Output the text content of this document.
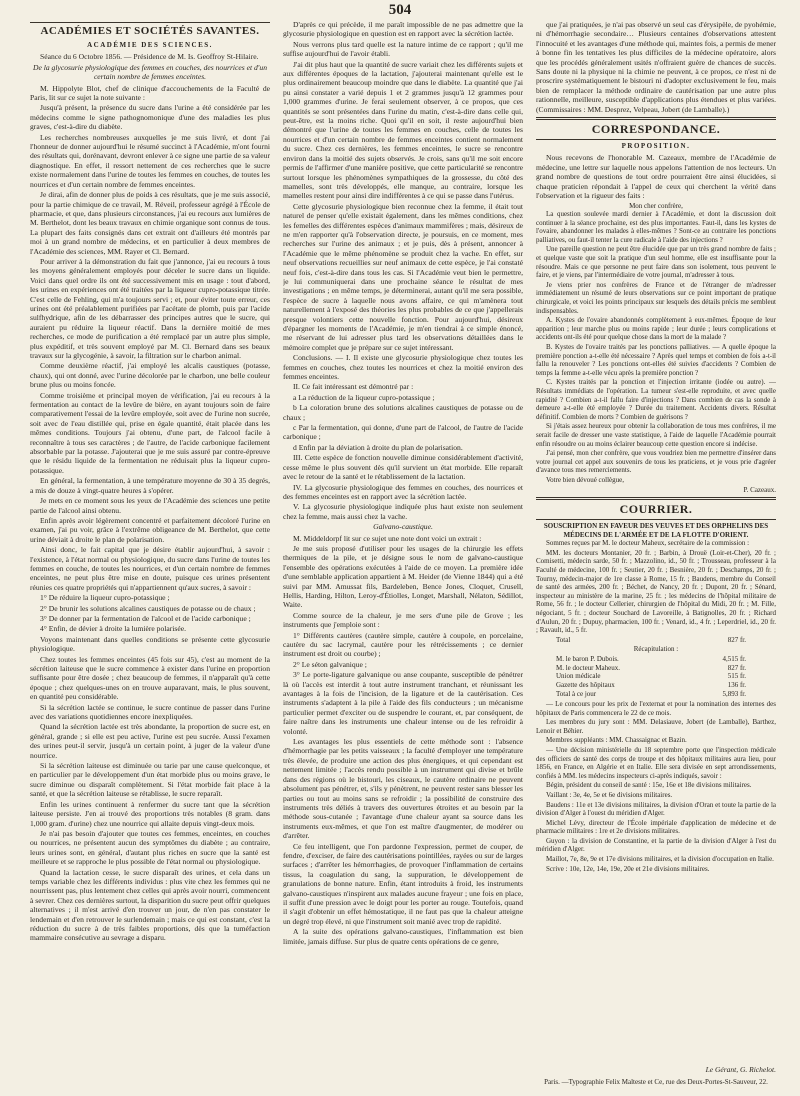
504
ACADÉMIES ET SOCIÉTÉS SAVANTES.
ACADÉMIE DES SCIENCES.

Séance du 6 Octobre 1856. — Présidence de M. Is. Geoffroy St-Hilaire.

De la glycosurie physiologique des femmes en couches, des nourrices et d'un certain nombre de femmes enceintes.

M. Hippolyte Blot, chef de clinique d'accouchements de la Faculté de Paris, lit sur ce sujet la note suivante :

Jusqu'à présent, la présence du sucre dans l'urine a été considérée par les médecins comme le signe pathognomonique d'une des maladies les plus graves, c'est-à-dire du diabète.

Les recherches nombreuses auxquelles je me suis livré, et dont j'ai l'honneur de donner aujourd'hui le résumé succinct à l'Académie, m'ont fourni des résultats qui, dorénavant, devront enlever à ce signe une partie de sa valeur diagnostique. En effet, il ressort nettement de ces recherches que le sucre existe normalement dans l'urine de toutes les femmes en couches, de toutes les nourrices et d'un certain nombre de femmes enceintes.

Je dirai, afin de donner plus de poids à ces résultats, que je me suis associé, pour la partie chimique de ce travail, M. Réveil, professeur agrégé à l'École de pharmacie, et que, dans plusieurs circonstances, j'ai eu recours aux lumières de M. Berthelot, dont les beaux travaux en chimie organique sont connus de tous. La plupart des faits consignés dans cet extrait ont d'ailleurs été montrés par moi à un grand nombre de médecins, et en particulier à deux membres de l'Académie des sciences, MM. Rayer et Cl. Bernard.

Pour arriver à la démonstration du fait que j'annonce, j'ai eu recours à tous les moyens généralement employés pour déceler le sucre dans un liquide. Voici dans quel ordre ils ont été successivement mis en usage : tout d'abord, les urines en expériences ont été traitées par la liqueur cupro-potassique titrée. C'est celle de Fehling, qui m'a toujours servi ; et, pour éviter toute erreur, ces urines ont été préalablement purifiées par l'acétate de plomb, puis par l'acide sulfhydrique, afin de les débarrasser des principes autres que le sucre, qui auraient pu réduire la liqueur réactif. Dans la dernière moitié de mes recherches, ce mode de purification a été remplacé par un autre plus simple, plus expéditif, et très souvent employé par M. Cl. Bernard dans ses beaux travaux sur la glycogénie, à savoir, la filtration sur le charbon animal.

Comme deuxième réactif, j'ai employé les alcalis caustiques (potasse, chaux), qui ont donné, avec l'urine décolorée par le charbon, une belle couleur brune plus ou moins foncée.

Comme troisième et principal moyen de vérification, j'ai eu recours à la fermentation au contact de la levûre de bière, en ayant toujours soin de faire comparativement l'essai de la levûre employée, soit avec de l'urine non sucrée, soit avec de l'eau distillée qui, prise en égale quantité, était placée dans les mêmes conditions. Toujours j'ai obtenu, d'une part, de l'alcool facile à reconnaître à tous ses caractères ; de l'autre, de l'acide carbonique facilement absorbable par la potasse. J'ajouterai que je me suis assuré par contre-épreuve que le résidu liquide de la fermentation ne réduisait plus la liqueur cupro-potassique.

En général, la fermentation, à une température moyenne de 30 à 35 degrés, a mis de douze à vingt-quatre heures à s'opérer.

Je mets en ce moment sous les yeux de l'Académie des sciences une petite partie de l'alcool ainsi obtenu.

Enfin après avoir légèrement concentré et parfaitement décoloré l'urine en examen, j'ai pu voir, grâce à l'extrême obligeance de M. Berthelot, que cette urine déviait à droite le plan de polarisation.

Ainsi donc, le fait capital que je désire établir aujourd'hui, à savoir : l'existence, à l'état normal ou physiologique, du sucre dans l'urine de toutes les femmes en couche, de toutes les nourrices, et d'un certain nombre de femmes enceintes, ne peut plus être mise en doute, puisque ces urines présentent réunies ces quatre propriétés qui n'appartiennent qu'aux sucres, à savoir :

1° De réduire la liqueur cupro-potassique ;

2° De brunir les solutions alcalines caustiques de potasse ou de chaux ;

3° De donner par la fermentation de l'alcool et de l'acide carbonique ;

4° Enfin, de dévier à droite la lumière polarisée.

Voyons maintenant dans quelles conditions se présente cette glycosurie physiologique.

Chez toutes les femmes enceintes (45 fois sur 45), c'est au moment de la sécrétion laiteuse que le sucre commence à exister dans l'urine en proportion suffisante pour être dosée ; chez beaucoup de femmes, il n'apparaît qu'à cette époque ; chez quelques-unes on en trouve auparavant, mais, le plus souvent, en quantité peu considérable.

Si la sécrétion lactée se continue, le sucre continue de passer dans l'urine avec des variations quotidiennes encore inexpliquées.

Quand la sécrétion lactée est très abondante, la proportion de sucre est, en général, grande ; si elle est peu active, l'urine est peu sucrée. Aussi l'examen des urines peut-il servir, jusqu'à un certain point, à juger de la valeur d'une nourrice.

Si la sécrétion laiteuse est diminuée ou tarie par une cause quelconque, et en particulier par le développement d'un état morbide plus ou moins grave, le sucre diminue ou disparaît complètement. Si l'état morbide fait place à la santé, et que la sécrétion laiteuse se rétablisse, le sucre reparaît.

Enfin les urines continuent à renfermer du sucre tant que la sécrétion laiteuse persiste. J'en ai trouvé des proportions très notables (8 gram. dans 1,000 gram. d'urine) chez une nourrice qui allaite depuis vingt-deux mois.

Je n'ai pas besoin d'ajouter que toutes ces femmes, enceintes, en couches ou nourrices, ne présentent aucun des symptômes du diabète ; au contraire, leurs urines sont, en général, d'autant plus riches en sucre que la santé est meilleure et se rapproche le plus possible de l'état normal ou physiologique.

Quand la lactation cesse, le sucre disparaît des urines, et cela dans un temps variable chez les différents individus : plus vite chez les femmes qui ne nourrissent pas, plus lentement chez celles qui après avoir nourri, commencent à sevrer. Chez ces dernières surtout, la disparition du sucre peut offrir quelques alternatives ; il m'est arrivé d'en trouver un jour, de n'en pas constater le lendemain et d'en retrouver le surlendemain ; mais ce qui est constant, c'est la réduction du sucre à de très faibles proportions, dès que la tuméfaction mammaire consécutive au sevrage a disparu.

D'après ce qui précède, il me paraît impossible de ne pas admettre que la glycosurie physiologique en question est en rapport avec la sécrétion lactée.

Nous verrons plus tard quelle est la nature intime de ce rapport ; qu'il me suffise aujourd'hui de l'avoir établi.

J'ai dit plus haut que la quantité de sucre variait chez les différents sujets et aux différentes époques de la lactation, j'ajouterai maintenant qu'elle est le plus ordinairement beaucoup moindre que dans le diabète. La quantité que j'ai pu ainsi constater a varié depuis 1 et 2 grammes jusqu'à 12 grammes pour 1,000 grammes d'urine. Je ferai seulement observer, à ce propos, que ces quantités se sont présentées dans l'urine du matin, c'est-à-dire dans celle qui, peut-être, est la moins riche. Quoi qu'il en soit, il reste aujourd'hui bien démontré que l'urine de toutes les femmes en couches, celle de toutes les nourrices et d'un certain nombre de femmes enceintes contient normalement du sucre. Chez ces dernières, les femmes enceintes, le sucre se rencontre environ dans la moitié des sujets observés. Je crois, sans qu'il me soit encore permis de l'affirmer d'une manière positive, que cette particularité se rencontre surtout lorsque les phénomènes sympathiques de la grossesse, du côté des mamelles, sont très développés, elle manque, au contraire, lorsque les mamelles restent pour ainsi dire indifférentes à ce qui se passe dans l'utérus.

Cette glycosurie physiologique bien reconnue chez la femme, il était tout naturel de penser qu'elle existait également, dans les mêmes conditions, chez les femelles des différentes espèces d'animaux mammifères ; mais, désireux de ne m'en rapporter qu'à l'observation directe, je poursuis, en ce moment, mes recherches sur l'urine des animaux ; et je puis, dès à présent, annoncer à l'Académie que le même phénomène se produit chez la vache. En effet, sur neuf observations recueillies sur neuf animaux de cette espèce, je l'ai constaté neuf fois, c'est-à-dire dans tous les cas. Si l'Académie veut bien le permettre, je lui communiquerai dans une prochaine séance le résultat de mes investigations ; en même temps, je déterminerai, autant qu'il me sera possible, l'espèce de sucre à laquelle nous avons affaire, ce qui m'amènera tout naturellement à l'exposé des théories les plus probables de ce que j'appellerais presque volontiers cette nouvelle fonction. Pour aujourd'hui, désireux d'épargner les moments de l'Académie, je m'en tiendrai à ce simple énoncé, me réservant de lui adresser plus tard les observations détaillées dans le mémoire complet que je prépare sur ce sujet intéressant.

Conclusions. — I. Il existe une glycosurie physiologique chez toutes les femmes en couches, chez toutes les nourrices et chez la moitié environ des femmes enceintes.

II. Ce fait intéressant est démontré par :

a La réduction de la liqueur cupro-potassique ;

b La coloration brune des solutions alcalines caustiques de potasse ou de chaux ;

c Par la fermentation, qui donne, d'une part de l'alcool, de l'autre de l'acide carbonique ;

d Enfin par la déviation à droite du plan de polarisation.

III. Cette espèce de fonction nouvelle diminue considérablement d'activité, cesse même le plus souvent dès qu'il survient un état morbide. Elle reparaît avec le retour de la santé et le rétablissement de la lactation.

IV. La glycosurie physiologique des femmes en couches, des nourrices et des femmes enceintes est en rapport avec la sécrétion lactée.

V. La glycosurie physiologique indiquée plus haut existe non seulement chez la femme, mais aussi chez la vache.

Galvano-caustique.

M. Middeldorpf lit sur ce sujet une note dont voici un extrait :

Je me suis proposé d'utiliser pour les usages de la chirurgie les effets thermiques de la pile, et je désigne sous le nom de galvano-caustique l'ensemble des opérations exécutées à l'aide de ce moyen. La première idée d'une semblable application appartient à M. Heider (de Vienne 1844) qui a été suivi par MM. Amussat fils, Bardeleben, Bence Jones, Cloquet, Crusell, Hellis, Harding, Hilton, Leroy-d'Étiolles, Longet, Marshall, Nélaton, Sédillot, Waite.

Comme source de la chaleur, je me sers d'une pile de Grove ; les instruments que j'emploie sont :

1° Différents cautères (cautère simple, cautère à coupole, en porcelaine, cautère du sac lacrymal, cautère pour les rétrécissements ; ce dernier instrument est droit ou courbe) ;

2° Le séton galvanique ;

3° Le porte-ligature galvanique ou anse coupante, susceptible de pénétrer là où l'accès est interdit à tout autre instrument tranchant, et réunissant les avantages à la fois de l'incision, de la ligature et de la cautérisation. Ces instruments s'adaptent à la pile à l'aide des fils conducteurs ; un mécanisme particulier permet d'exciter ou de suspendre le courant, et, par conséquent, de faire naître dans les instruments une chaleur intense ou de les refroidir à volonté.

Les avantages les plus essentiels de cette méthode sont : l'absence d'hémorrhagie par les petits vaisseaux ; la faculté d'employer une température très élevée, de produire une action des plus énergiques, et qui cependant est nettement limitée ; l'accès rendu possible à un instrument qui divise et brûle dans des régions où le bistouri, les ciseaux, le cautère ordinaire ne peuvent absolument pas pénétrer, et, s'ils y pénètrent, ne peuvent rester sans blesser les parties ou tout au moins sans se refroidir ; la possibilité de construire des instruments très déliés à travers des ouvertures étroites et au besoin par la méthode sous-cutanée ; l'avantage d'une chaleur ayant sa source dans les instruments eux-mêmes, et que l'on est maître d'augmenter, de modérer ou d'arrêter.

Ce feu intelligent, que l'on pardonne l'expression, permet de couper, de fendre, d'exciser, de faire des cautérisations pointillées, rayées ou sur de larges surfaces ; d'arrêter les hémorrhagies, de provoquer l'inflammation de certains tissus, la coagulation du sang, la suppuration, le développement de granulations de bonne nature. Enfin, étant introduits à froid, les instruments galvano-caustiques n'inspirent aux malades aucune frayeur ; une fois en place, il suffit d'une pression avec le doigt pour les porter au rouge. Toutefois, quand il s'agit d'obtenir un effet hémostatique, il ne faut pas que la chaleur atteigne un degré trop élevé, ni que l'instrument soit manié avec trop de rapidité.

A la suite des opérations galvano-caustiques, l'inflammation est bien limitée, jamais diffuse. Sur plus de quatre cents opérations de ce genre,

que j'ai pratiquées, je n'ai pas observé un seul cas d'érysipèle, de pyohémie, ni d'hémorrhagie secondaire… Plusieurs centaines d'observations attestent l'innocuité et les avantages d'une méthode qui, maintes fois, a permis de mener à bonne fin les tentatives les plus difficiles de la médecine opératoire, alors que les procédés généralement usités n'offraient guère de chances de succès. Sans doute ni la physique ni la chimie ne peuvent, à ce propos, ce n'est ni de proscrire systématiquement le bistouri ni d'adopter exclusivement le feu, mais bien de remplacer la méthode ordinaire de cautérisation par une autre plus rationnelle, meilleure, susceptible d'applications plus étendues et plus variées. (Commissaires : MM. Desprez, Velpeau, Jobert (de Lamballe).)

CORRESPONDANCE.
PROPOSITION.

Nous recevons de l'honorable M. Cazeaux, membre de l'Académie de médecine, une lettre sur laquelle nous appelons l'attention de nos lecteurs. Un grand nombre de questions de tout ordre pourraient être ainsi élucidées, si chaque praticien répondait à l'appel de ceux qui cherchent la vérité dans l'observation et la rigueur des faits :

Mon cher confrère,

La question soulevée mardi dernier à l'Académie, et dont la discussion doit continuer à la séance prochaine, est des plus importantes. Faut-il, dans les kystes de l'ovaire, abandonner les malades à elles-mêmes ? Sont-ce au contraire les ponctions palliatives, ou faut-il tenter la cure radicale à l'aide des injections ?

Une pareille question ne peut être élucidée que par un très grand nombre de faits ; et quelque vaste que soit la pratique d'un seul homme, elle est insuffisante pour la résoudre. Mais ce que personne ne peut faire dans son isolement, tous peuvent le faire, et je viens, par l'intermédiaire de votre journal, m'adresser à tous.

Je viens prier nos confrères de France et de l'étranger de m'adresser immédiatement un résumé de leurs observations sur ce point important de pratique chirurgicale, et voici les points principaux sur lesquels des détails précis me sembleut indispensables.

A. Kystes de l'ovaire abandonnés complètement à eux-mêmes. Époque de leur apparition ; leur marche plus ou moins rapide ; leur durée ; leurs complications et accidents ont-ils été pour quelque chose dans la mort de la malade ?

B. Kystes de l'ovaire traités par les ponctions palliatives. — A quelle époque la première ponction a-t-elle été nécessaire ? Après quel temps et combien de fois a-t-il fallu la renouveler ? Les ponctions ont-elles été suivies d'accidents ? Combien de temps la femme a-t-elle vécu après la première ponction ?

C. Kystes traités par la ponction et l'injection irritante (iodée ou autre). — Résultats immédiats de l'opération. La tumeur s'est-elle reproduite, et avec quelle rapidité ? Combien a-t-il fallu faire d'injections ? Dans combien de cas la sonde à demeure a-t-elle été employée ? Durée du traitement. Accidents divers. Résultat définitif. Combien de morts ? Combien de guérisons ?

Si j'étais assez heureux pour obtenir la collaboration de tous mes confrères, il me serait facile de dresser une vaste statistique, à l'aide de laquelle l'Académie pourrait enfin résoudre ou au moins éclairer beaucoup cette question encore si indécise.

J'ai pensé, mon cher confrère, que vous voudriez bien me permettre d'insérer dans votre journal cet appel aux souvenirs de tous les praticiens, et je vous prie d'agréer d'avance tous mes remerciements.

Votre bien dévoué collègue,

P. Cazeaux.
COURRIER.
SOUSCRIPTION EN FAVEUR DES VEUVES ET DES ORPHELINS DES MÉDECINS DE L'ARMÉE ET DE LA FLOTTE D'ORIENT.

Sommes reçues par M. le docteur Maheux, secrétaire de la commission :

MM. les docteurs Montanier, 20 fr. ; Barbin, à Drouë (Loir-et-Cher), 20 fr. ; Comisetti, médecin sarde, 50 fr. ; Mazzolino, id., 50 fr. ; Trousseau, professeur à la Faculté de médecine, 100 fr. ; Seutier, 20 fr. ; Besnière, 20 fr. ; Deschamps, 20 fr. ; Tourny, médecin-major de 1re classe à Rome, 15 fr. ; Baudens, membre du Conseil de santé des armées, 200 fr. ; Béchet, de Nancy, 20 fr. ; Dupont, 20 fr. ; Sénard, inspecteur au ministère de la marine, 25 fr. ; les médecins de l'hôpital militaire de Rome, 56 fr. ; le docteur Cellerier, chirurgien de l'hôpital du Midi, 20 fr. ; M. Fille, négociant, 5 fr. ; docteur Souchard de Lavoreille, à Batignolles, 20 fr. ; Richard d'Aulun, 20 fr. ; Dupuy, pharmacien, 100 fr. ; Venard, id., 4 fr. ; Leperdriel, id., 20 fr. ; Ravault, id., 5 fr.

Total	827 fr.
Récapitulation :
M. le baron P. Dubois.	4,515 fr.
M. le docteur Maheux.	827 fr.
Union médicale	515 fr.
Gazette des hôpitaux	136 fr.
Total à ce jour	5,893 fr.

— Le concours pour les prix de l'externat et pour la nomination des internes des hôpitaux de Paris commencera le 22 de ce mois.

Les membres du jury sont : MM. Delasiauve, Jobert (de Lamballe), Barthez, Lenoir et Béhier.

Membres suppléants : MM. Chassaignac et Bazin.

— Une décision ministérielle du 18 septembre porte que l'inspection médicale des officiers de santé des corps de troupe et des hôpitaux militaires aura lieu, pour 1856, en France, en Algérie et en Italie. Elle sera divisée en sept arrondissements, confiés à MM. les médecins inspecteurs ci-après indiqués, savoir :

Bégin, président du conseil de santé : 15e, 16e et 18e divisions militaires.

Vaillant : 3e, 4e, 5e et 6e divisions militaires.

Baudens : 11e et 13e divisions militaires, la division d'Oran et toute la partie de la division d'Alger à l'ouest du méridien d'Alger.

Michel Lévy, directeur de l'École impériale d'application de médecine et de pharmacie militaires : 1re et 2e divisions militaires.

Guyon : la division de Constantine, et la partie de la division d'Alger à l'est du méridien d'Alger.

Maillot, 7e, 8e, 9e et 17e divisions militaires, et la division d'occupation en Italie.

Scrive : 10e, 12e, 14e, 19e, 20e et 21e divisions militaires.

Le Gérant, G. Richelot.
Paris. —Typographie Felix Malteste et Ce, rue des Deux-Portes-St-Sauveur, 22.
